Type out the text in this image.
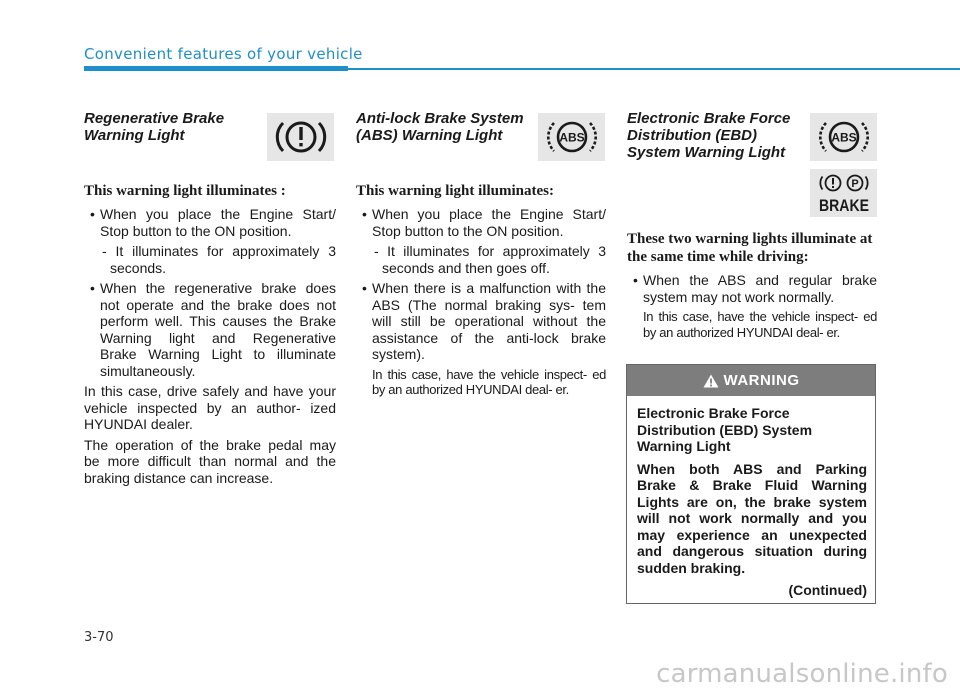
Convenient features of your vehicle

Regenerative Brake Warning Light

This warning light illuminates :

• When you place the Engine Start/ Stop button to the ON position.

- It illuminates for approximately 3 seconds.

• When the regenerative brake does not operate and the brake does not perform well. This causes the Brake Warning light and Regenerative Brake Warning Light to illuminate simultaneously.

In this case, drive safely and have your vehicle inspected by an author- ized HYUNDAI dealer.

The operation of the brake pedal may be more difficult than normal and the braking distance can increase.

Anti-lock Brake System (ABS) Warning Light

This warning light illuminates:

• When you place the Engine Start/ Stop button to the ON position.

- It illuminates for approximately 3 seconds and then goes off.

• When there is a malfunction with the ABS (The normal braking sys- tem will still be operational without the assistance of the anti-lock brake system).

In this case, have the vehicle inspect- ed by an authorized HYUNDAI deal- er.

ABS

Electronic Brake Force Distribution (EBD) System Warning Light

These two warning lights illuminate at the same time while driving:

• When the ABS and regular brake system may not work normally.

In this case, have the vehicle inspect- ed by an authorized HYUNDAI deal- er.

ABS
P
BRAKE
WARNING

Electronic Brake Force Distribution (EBD) System Warning Light

When both ABS and Parking Brake & Brake Fluid Warning Lights are on, the brake system will not work normally and you may experience an unexpected and dangerous situation during sudden braking.

(Continued)

3-70
carmanualsonline.info
